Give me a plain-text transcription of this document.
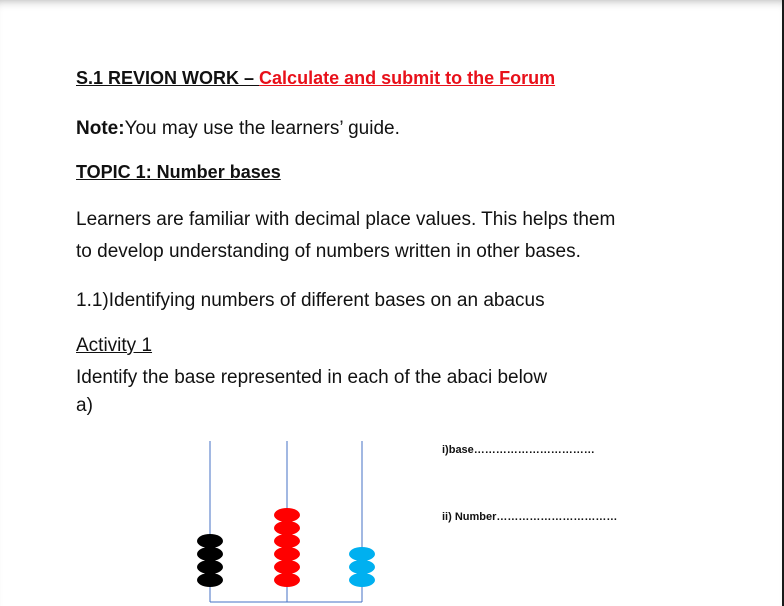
S.1 REVION WORK – Calculate and submit to the Forum
Note:You may use the learners’ guide.
TOPIC 1: Number bases
Learners are familiar with decimal place values. This helps them
to develop understanding of numbers written in other bases.
1.1)Identifying numbers of different bases on an abacus
Activity 1
Identify the base represented in each of the abaci below
a)
i)base……………………………
ii) Number……………………………
